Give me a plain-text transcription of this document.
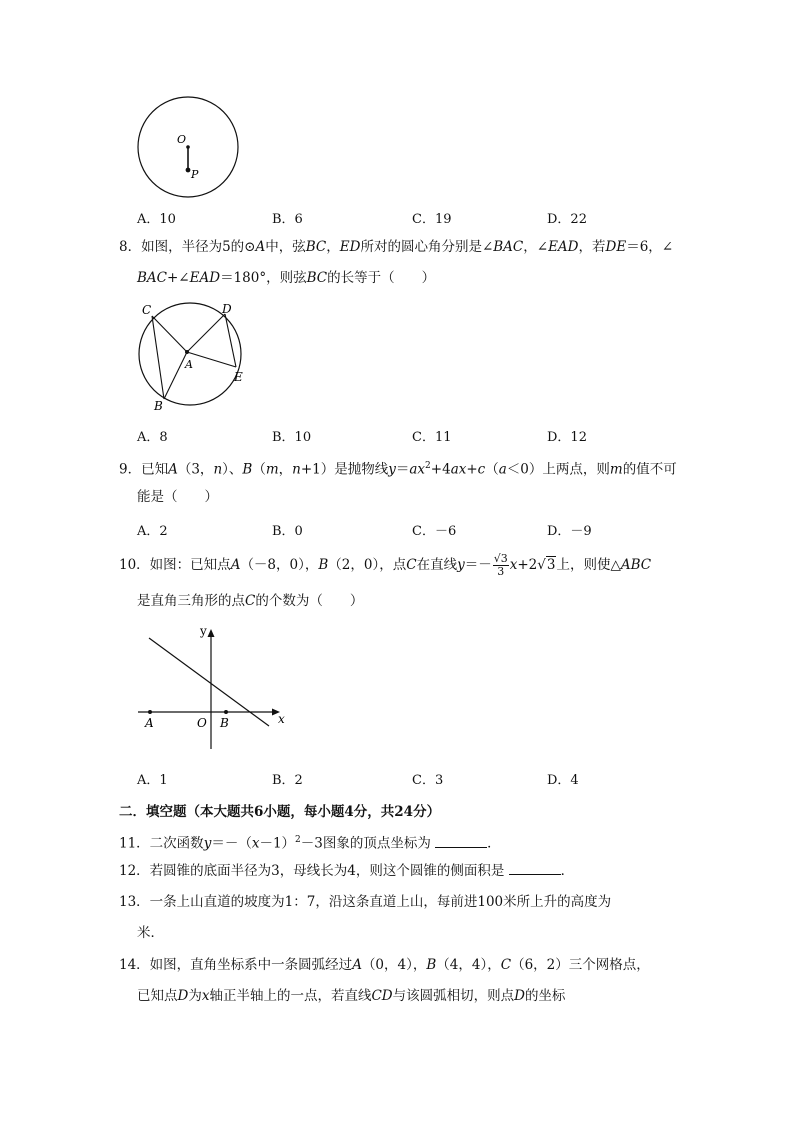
O
P
A．10	B．6	C．19	D．22
8．如图，半径为5的⊙A中，弦BC，ED所对的圆心角分别是∠BAC，∠EAD，若DE＝6，∠
BAC+∠EAD＝180°，则弦BC的长等于（　　）
C	D
A
E
B
A．8	B．10	C．11	D．12
9．已知A（3，n）、B（m，n+1）是抛物线$y=ax^2+4ax+c(a<0)$上两点，则m的值不可
能是（　　）
A．2	B．0	C．－6	D．－9
10．如图：已知点A（－8，0），B（2，0），点C在直线$y=- \frac{√3}{3} x+2√3$上，则使△ABC
是直角三角形的点C的个数为（　　）
y
x
A	O B
A．1	B．2	C．3	D．4
二．填空题（本大题共6小题，每小题4分，共24分）
11．二次函数$y=-(x-1)^2-3$图象的顶点坐标为	．
12．若圆锥的底面半径为3，母线长为4，则这个圆锥的侧面积是	．
13．一条上山直道的坡度为1：7，沿这条直道上山，每前进100米所上升的高度为
米．
14．如图，直角坐标系中一条圆弧经过A（0，4），B（4，4），C（6，2）三个网格点，
已知点D为x轴正半轴上的一点，若直线CD与该圆弧相切，则点D的坐标
